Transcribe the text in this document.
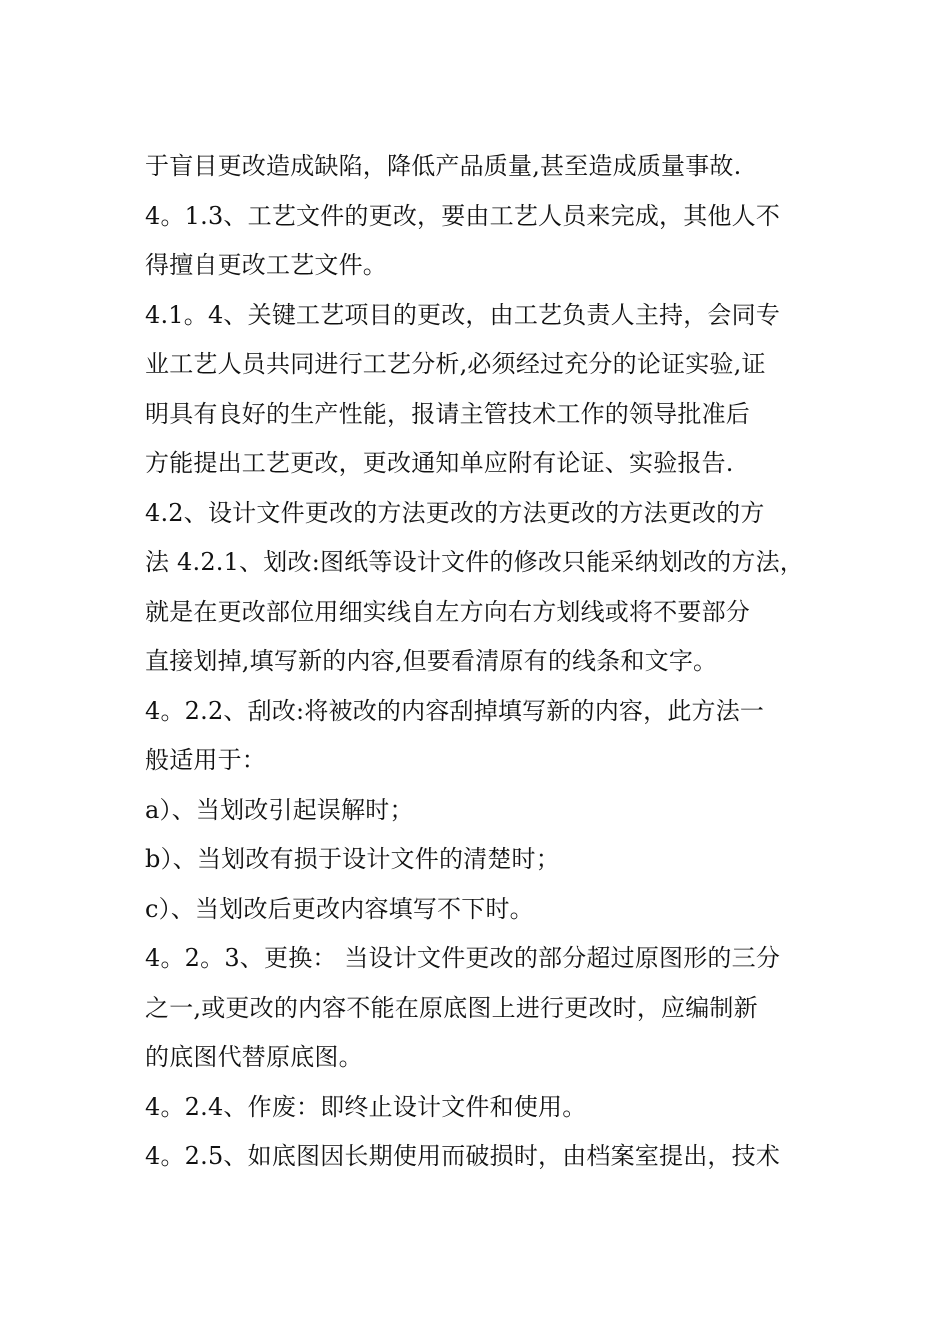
于盲目更改造成缺陷，降低产品质量,甚至造成质量事故.
4。1.3、工艺文件的更改，要由工艺人员来完成，其他人不
得擅自更改工艺文件。
4.1。4、关键工艺项目的更改，由工艺负责人主持，会同专
业工艺人员共同进行工艺分析,必须经过充分的论证实验,证
明具有良好的生产性能，报请主管技术工作的领导批准后
方能提出工艺更改，更改通知单应附有论证、实验报告.
4.2、设计文件更改的方法更改的方法更改的方法更改的方
法 4.2.1、划改:图纸等设计文件的修改只能采纳划改的方法，
就是在更改部位用细实线自左方向右方划线或将不要部分
直接划掉,填写新的内容,但要看清原有的线条和文字。
4。2.2、刮改:将被改的内容刮掉填写新的内容，此方法一
般适用于：
a）、当划改引起误解时；
b）、当划改有损于设计文件的清楚时；
c）、当划改后更改内容填写不下时。
4。2。3、更换： 当设计文件更改的部分超过原图形的三分
之一,或更改的内容不能在原底图上进行更改时，应编制新
的底图代替原底图。
4。2.4、作废：即终止设计文件和使用。
4。2.5、如底图因长期使用而破损时，由档案室提出，技术
